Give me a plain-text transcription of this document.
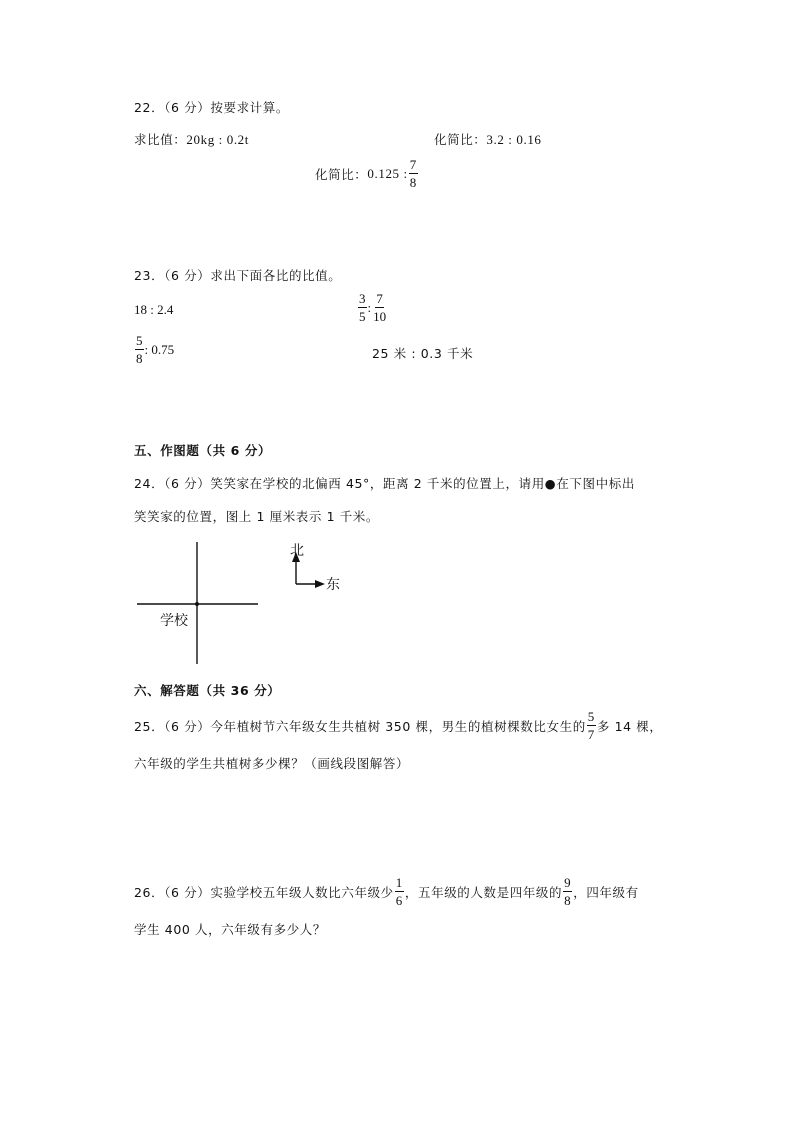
22．（6 分）按要求计算。
求比值：20kg : 0.2t	化简比：3.2 : 0.16
化简比： 0.125 : $\frac{7}{8}$
23．（6 分）求出下面各比的比值。
18 : 2.4	$\frac{3}{5}$ : $\frac{7}{10}$
$\frac{5}{8}$ : 0.75	25 米 : 0.3 千米
五、作图题（共 6 分）
24．（6 分）笑笑家在学校的北偏西 45°，距离 2 千米的位置上，请用●在下图中标出
笑笑家的位置，图上 1 厘米表示 1 千米。
学校
北
东
六、解答题（共 36 分）
25．（6 分）今年植树节六年级女生共植树 350 棵，男生的植树棵数比女生的 $\frac{5}{7}$ 多 14 棵，
六年级的学生共植树多少棵？（画线段图解答）
26．（6 分）实验学校五年级人数比六年级少 $\frac{1}{6}$ ，五年级的人数是四年级的 $\frac{9}{8}$ ，四年级有
学生 400 人，六年级有多少人？
